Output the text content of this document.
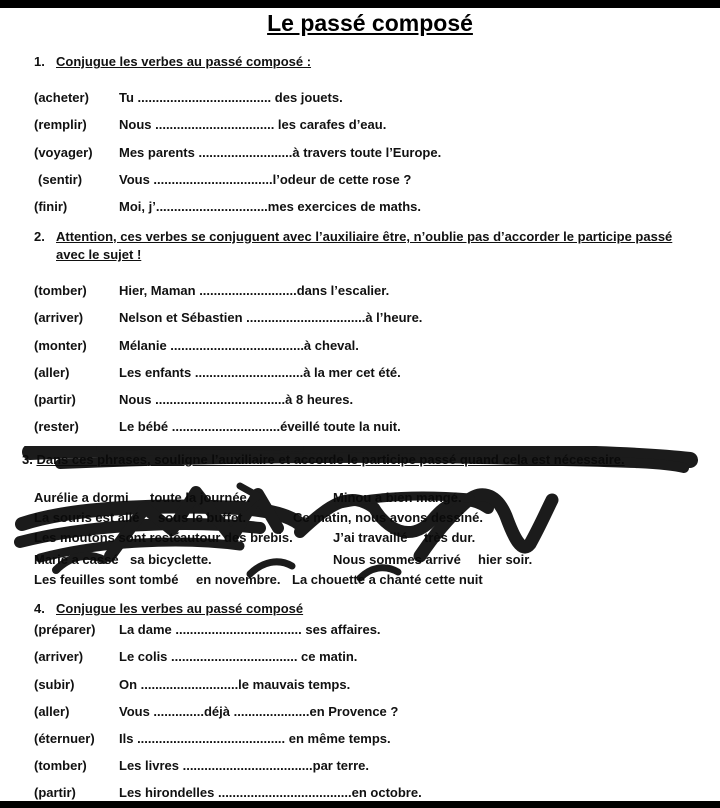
Le passé composé
1. Conjugue les verbes au passé composé :
(acheter) Tu ..................................... des jouets.
(remplir) Nous ................................. les carafes d’eau.
(voyager) Mes parents ..........................à travers toute l’Europe.
(sentir)	Vous .................................l’odeur de cette rose ?
(finir)	Moi, j’...............................mes exercices de maths.
2. Attention, ces verbes se conjuguent avec l’auxiliaire être, n’oublie pas d’accorder le participe passé avec le sujet !
(tomber) Hier, Maman ...........................dans l’escalier.
(arriver)	Nelson et Sébastien .................................à l’heure.
(monter) Mélanie .....................................à cheval.
(aller)	Les enfants ..............................à la mer cet été.
(partir)	Nous ....................................à 8 heures.
(rester)	Le bébé ..............................éveillé toute la nuit.
3. Dans ces phrases, souligne l’auxiliaire et accorde le participe passé quand cela est nécessaire.
Aurélie a dormi toute la journée.	Minou a bien mangé.
La souris est allé sous le buffet.	Ce matin, nous avons dessiné.
Les moutons sont resté autour des brebis.	J’ai travaillé très dur.
Marie a cassé sa bicyclette.	Nous sommes arrivé hier soir.
Les feuilles sont tombé en novembre. La chouette a chanté cette nuit
4. Conjugue les verbes au passé composé
(préparer) La dame ................................... ses affaires.
(arriver)	Le colis ................................... ce matin.
(subir)	On ...........................le mauvais temps.
(aller)	Vous ..............déjà .....................en Provence ?
(éternuer) Ils ......................................... en même temps.
(tomber) Les livres ....................................par terre.
(partir)	Les hirondelles .....................................en octobre.
